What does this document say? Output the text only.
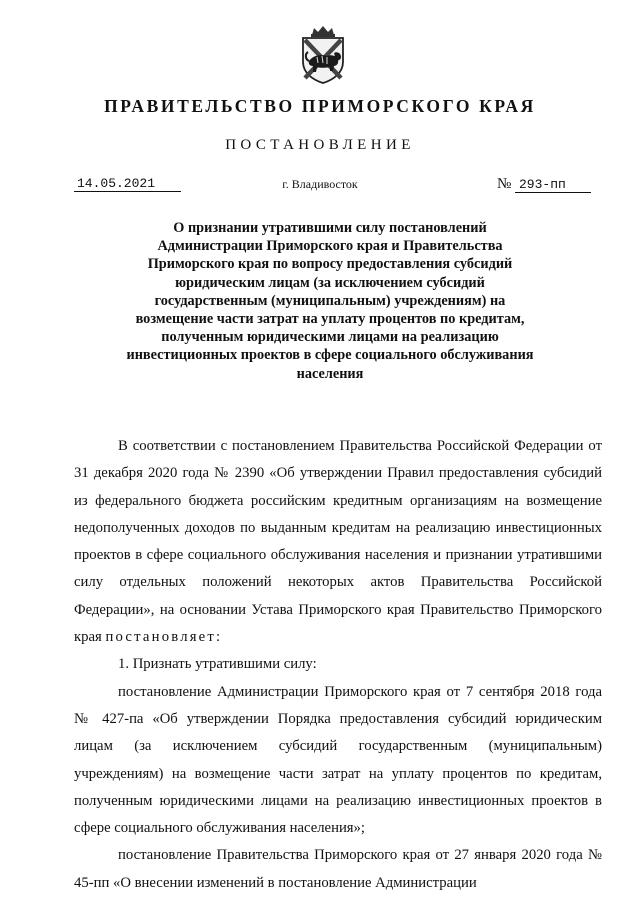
ПРАВИТЕЛЬСТВО ПРИМОРСКОГО КРАЯ
ПОСТАНОВЛЕНИЕ
14.05.2021	г. Владивосток	№ 293-пп
О признании утратившими силу постановлений Администрации Приморского края и Правительства Приморского края по вопросу предоставления субсидий юридическим лицам (за исключением субсидий государственным (муниципальным) учреждениям) на возмещение части затрат на уплату процентов по кредитам, полученным юридическими лицами на реализацию инвестиционных проектов в сфере социального обслуживания населения

В соответствии с постановлением Правительства Российской Федерации от 31 декабря 2020 года № 2390 «Об утверждении Правил предоставления субсидий из федерального бюджета российским кредитным организациям на возмещение недополученных доходов по выданным кредитам на реализацию инвестиционных проектов в сфере социального обслуживания населения и признании утратившими силу отдельных положений некоторых актов Правительства Российской Федерации», на основании Устава Приморского края Правительство Приморского края постановляет:

1. Признать утратившими силу:

постановление Администрации Приморского края от 7 сентября 2018 года № 427-па «Об утверждении Порядка предоставления субсидий юридическим лицам (за исключением субсидий государственным (муниципальным) учреждениям) на возмещение части затрат на уплату процентов по кредитам, полученным юридическими лицами на реализацию инвестиционных проектов в сфере социального обслуживания населения»;

постановление Правительства Приморского края от 27 января 2020 года № 45-пп «О внесении изменений в постановление Администрации
